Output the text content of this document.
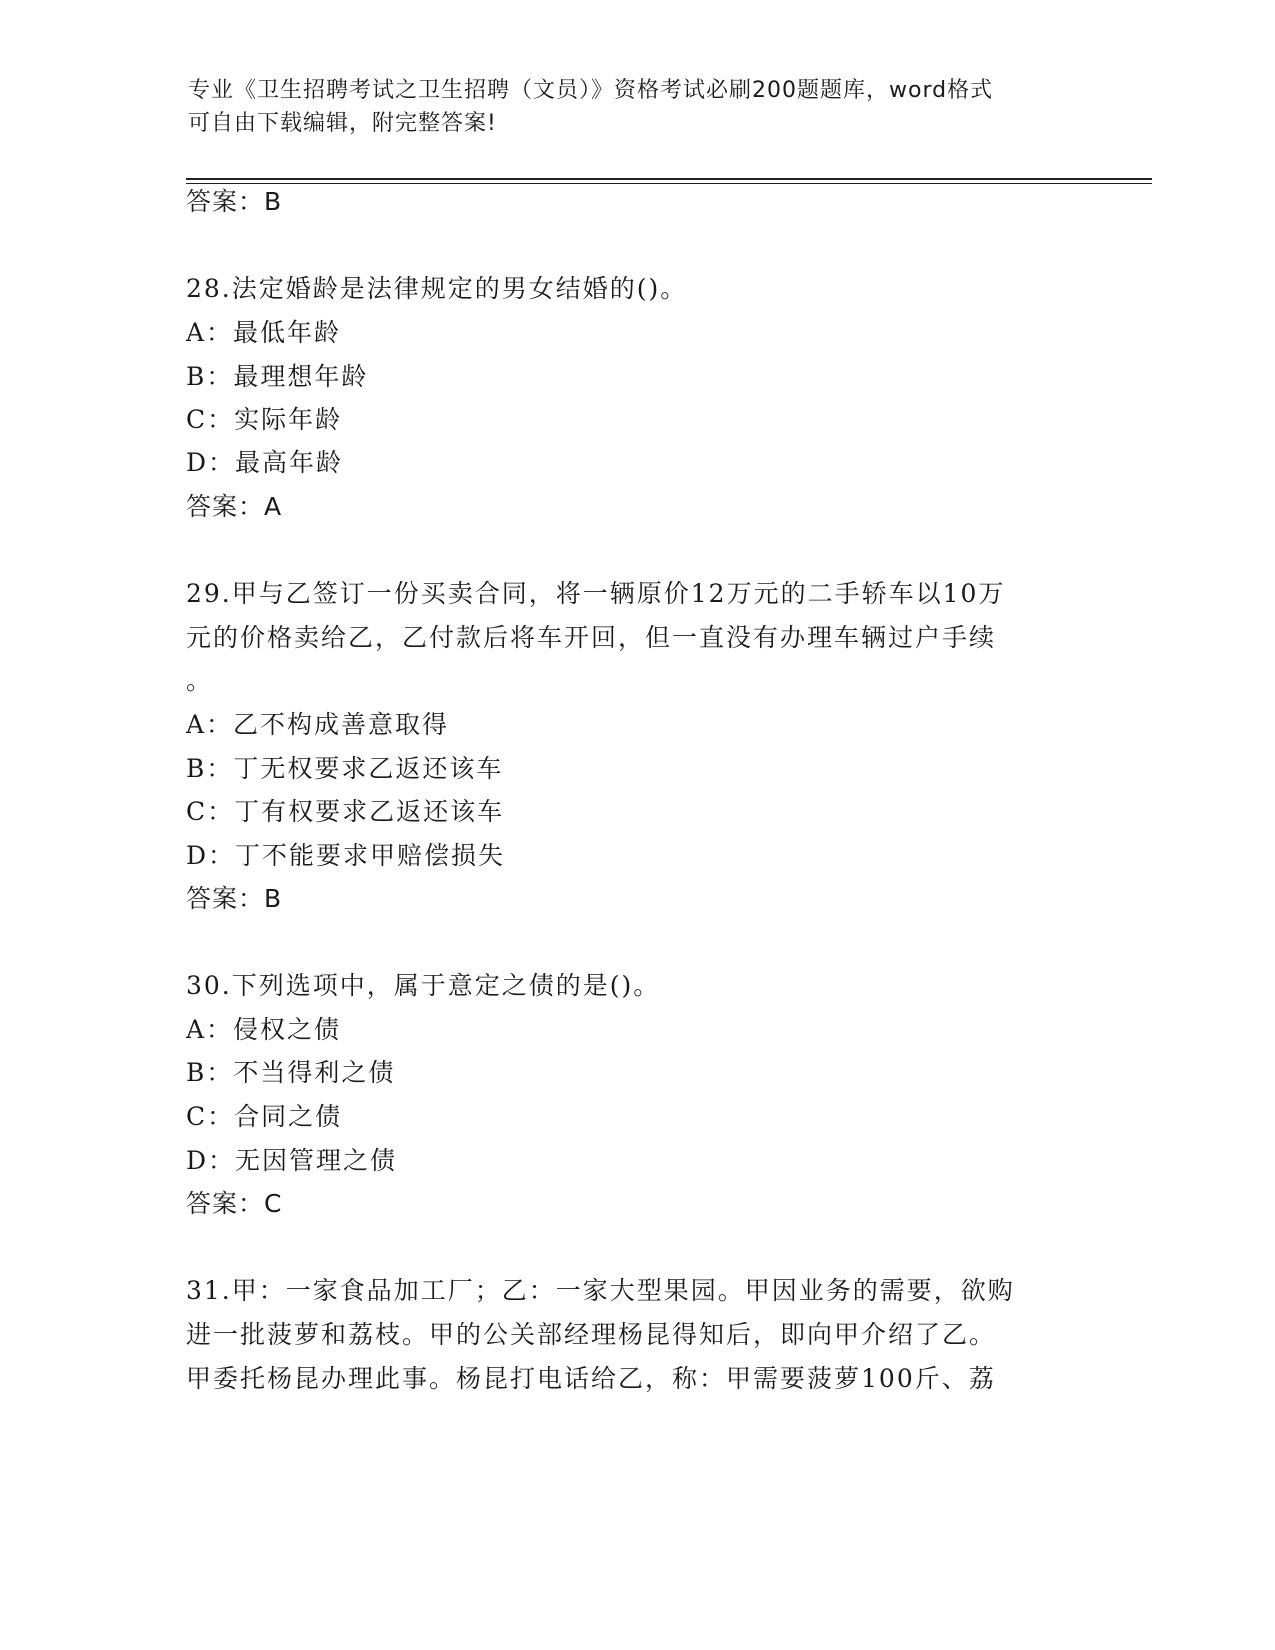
专业《卫生招聘考试之卫生招聘（文员）》资格考试必刷200题题库，word格式
可自由下载编辑，附完整答案!
答案：B
28.法定婚龄是法律规定的男女结婚的()。
A：最低年龄
B：最理想年龄
C：实际年龄
D：最高年龄
答案：A
29.甲与乙签订一份买卖合同，将一辆原价12万元的二手轿车以10万
元的价格卖给乙，乙付款后将车开回，但一直没有办理车辆过户手续
。
A：乙不构成善意取得
B：丁无权要求乙返还该车
C：丁有权要求乙返还该车
D：丁不能要求甲赔偿损失
答案：B
30.下列选项中，属于意定之债的是()。
A：侵权之债
B：不当得利之债
C：合同之债
D：无因管理之债
答案：C
31.甲：一家食品加工厂；乙：一家大型果园。甲因业务的需要，欲购
进一批菠萝和荔枝。甲的公关部经理杨昆得知后，即向甲介绍了乙。
甲委托杨昆办理此事。杨昆打电话给乙，称：甲需要菠萝100斤、荔
